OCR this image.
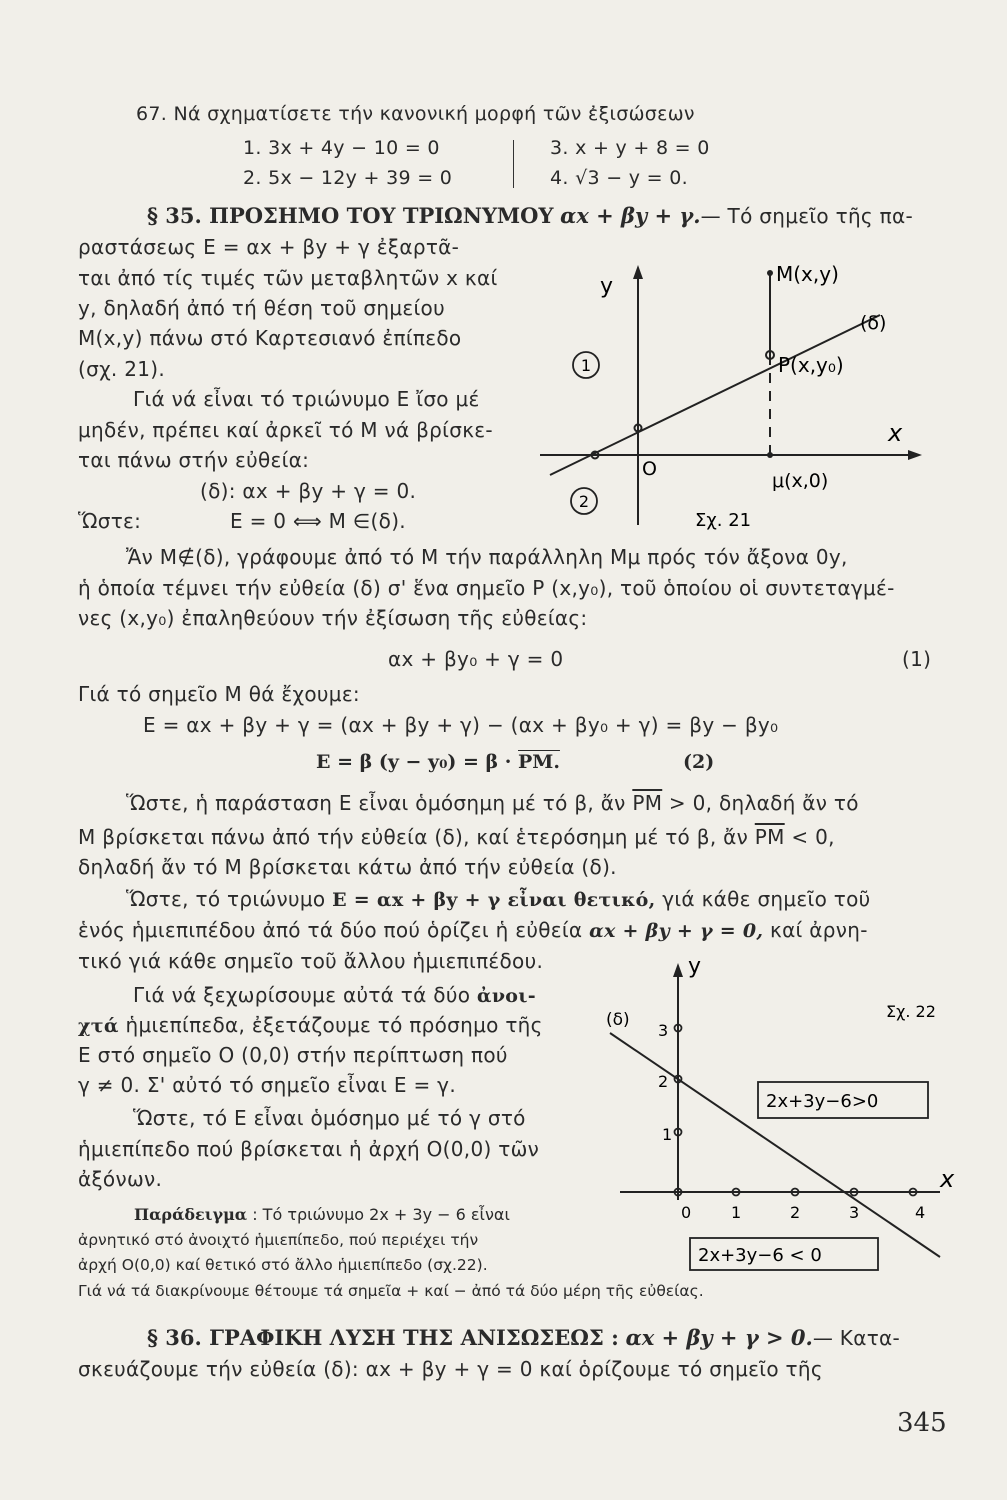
67. Νά σχηματίσετε τήν κανονική μορφή τῶν ἐξισώσεων
1. 3x + 4y − 10 = 0
2. 5x − 12y + 39 = 0
3. x + y + 8 = 0
4. √3 − y = 0.
§ 35. ΠΡΟΣΗΜΟ ΤΟΥ ΤΡΙΩΝΥΜΟΥ αx + βy + γ.— Τό σημεῖο τῆς πα-
ραστάσεως Ε = αx + βy + γ ἐξαρτᾶ-
ται ἀπό τίς τιμές τῶν μεταβλητῶν x καί
y, δηλαδή ἀπό τή θέση τοῦ σημείου
Μ(x,y) πάνω στό Καρτεσιανό ἐπίπεδο
(σχ. 21).
Γιά νά εἶναι τό τριώνυμο Ε ἴσο μέ
μηδέν, πρέπει καί ἀρκεῖ τό Μ νά βρίσκε-
ται πάνω στήν εὐθεία:
(δ): αx + βy + γ = 0.
Ὥστε:	Ε = 0 ⟺ Μ ∈(δ).
1
2
y
x
M(x,y)
P(x,y₀)
μ(x,0)
(δ)
O
Σχ. 21
Ἄν Μ∉(δ), γράφουμε ἀπό τό Μ τήν παράλληλη Μμ πρός τόν ἄξονα 0y,
ἡ ὁποία τέμνει τήν εὐθεία (δ) σ' ἕνα σημεῖο Ρ (x,y₀), τοῦ ὁποίου οἱ συντεταγμέ-
νες (x,y₀) ἐπαληθεύουν τήν ἐξίσωση τῆς εὐθείας:
αx + βy₀ + γ = 0	(1)
Γιά τό σημεῖο Μ θά ἔχουμε:
Ε = αx + βy + γ = (αx + βy + γ) − (αx + βy₀ + γ) = βy − βy₀
Ε = β (y − y₀) = β · PM.	(2)
Ὥστε, ἡ παράσταση Ε εἶναι ὁμόσημη μέ τό β, ἄν $\overline{PM} > 0$, δηλαδή ἄν τό
Μ βρίσκεται πάνω ἀπό τήν εὐθεία (δ), καί ἑτερόσημη μέ τό β, ἄν $\overline{PM} < 0$,
δηλαδή ἄν τό Μ βρίσκεται κάτω ἀπό τήν εὐθεία (δ).
Ὥστε, τό τριώνυμο Ε = αx + βy + γ εἶναι θετικό, γιά κάθε σημεῖο τοῦ
ἑνός ἡμιεπιπέδου ἀπό τά δύο πού ὁρίζει ἡ εὐθεία αx + βy + γ = 0, καί ἀρνη-
τικό γιά κάθε σημεῖο τοῦ ἄλλου ἡμιεπιπέδου.
Γιά νά ξεχωρίσουμε αὐτά τά δύο ἀνοι-
χτά ἡμιεπίπεδα, ἐξετάζουμε τό πρόσημο τῆς
Ε στό σημεῖο Ο (0,0) στήν περίπτωση πού
γ ≠ 0. Σ' αὐτό τό σημεῖο εἶναι Ε = γ.
Ὥστε, τό Ε εἶναι ὁμόσημο μέ τό γ στό
ἡμιεπίπεδο πού βρίσκεται ἡ ἀρχή Ο(0,0) τῶν
ἀξόνων.
Παράδειγμα : Τό τριώνυμο 2x + 3y − 6 εἶναι
ἀρνητικό στό ἀνοιχτό ἡμιεπίπεδο, πού περιέχει τήν
ἀρχή Ο(0,0) καί θετικό στό ἄλλο ἡμιεπίπεδο (σχ.22).
Γιά νά τά διακρίνουμε θέτουμε τά σημεῖα + καί − ἀπό τά δύο μέρη τῆς εὐθείας.
3
2
1
0 1	2	3	4
y
x
(δ)	Σχ. 22
2x+3y−6>0
2x+3y−6 < 0
§ 36. ΓΡΑΦΙΚΗ ΛΥΣΗ ΤΗΣ ΑΝΙΣΩΣΕΩΣ : αx + βy + γ > 0.— Κατα-
σκευάζουμε τήν εὐθεία (δ): αx + βy + γ = 0 καί ὁρίζουμε τό σημεῖο τῆς
345
